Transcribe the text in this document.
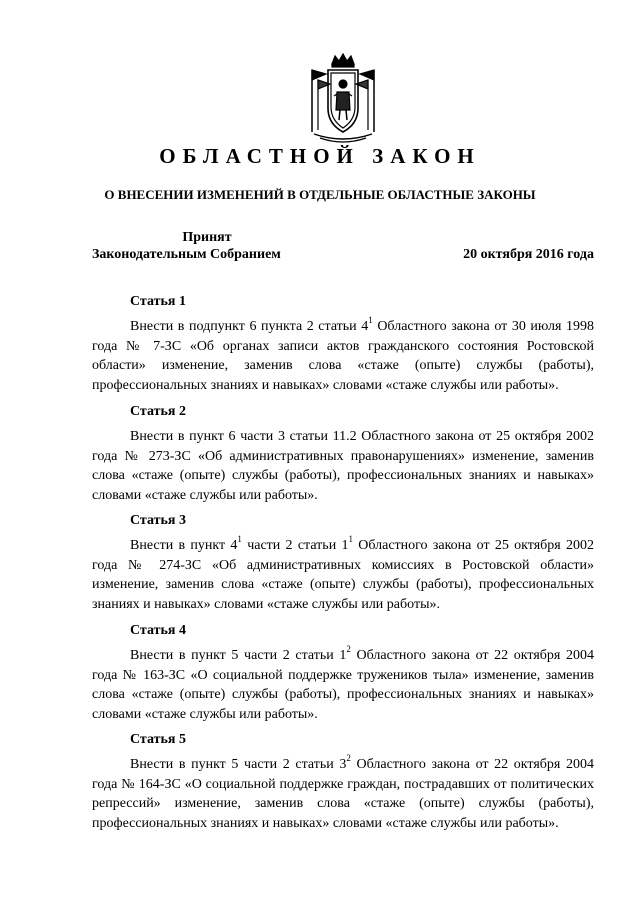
ОБЛАСТНОЙ ЗАКОН
О ВНЕСЕНИИ ИЗМЕНЕНИЙ В ОТДЕЛЬНЫЕ ОБЛАСТНЫЕ ЗАКОНЫ
Принят
Законодательным Собранием	20 октября 2016 года
Статья 1
Внести в подпункт 6 пункта 2 статьи $4^1$ Областного закона от 30 июля 1998 года № 7-ЗС «Об органах записи актов гражданского состояния Ростовской области» изменение, заменив слова «стаже (опыте) службы (работы), профессиональных знаниях и навыках» словами «стаже службы или работы».
Статья 2
Внести в пункт 6 части 3 статьи 11.2 Областного закона от 25 октября 2002 года № 273-ЗС «Об административных правонарушениях» изменение, заменив слова «стаже (опыте) службы (работы), профессиональных знаниях и навыках» словами «стаже службы или работы».
Статья 3
Внести в пункт $4^1$ части 2 статьи $1^1$ Областного закона от 25 октября 2002 года № 274-ЗС «Об административных комиссиях в Ростовской области» изменение, заменив слова «стаже (опыте) службы (работы), профессиональных знаниях и навыках» словами «стаже службы или работы».
Статья 4
Внести в пункт 5 части 2 статьи $1^2$ Областного закона от 22 октября 2004 года № 163-ЗС «О социальной поддержке тружеников тыла» изменение, заменив слова «стаже (опыте) службы (работы), профессиональных знаниях и навыках» словами «стаже службы или работы».
Статья 5
Внести в пункт 5 части 2 статьи $3^2$ Областного закона от 22 октября 2004 года № 164-ЗС «О социальной поддержке граждан, пострадавших от политических репрессий» изменение, заменив слова «стаже (опыте) службы (работы), профессиональных знаниях и навыках» словами «стаже службы или работы».
